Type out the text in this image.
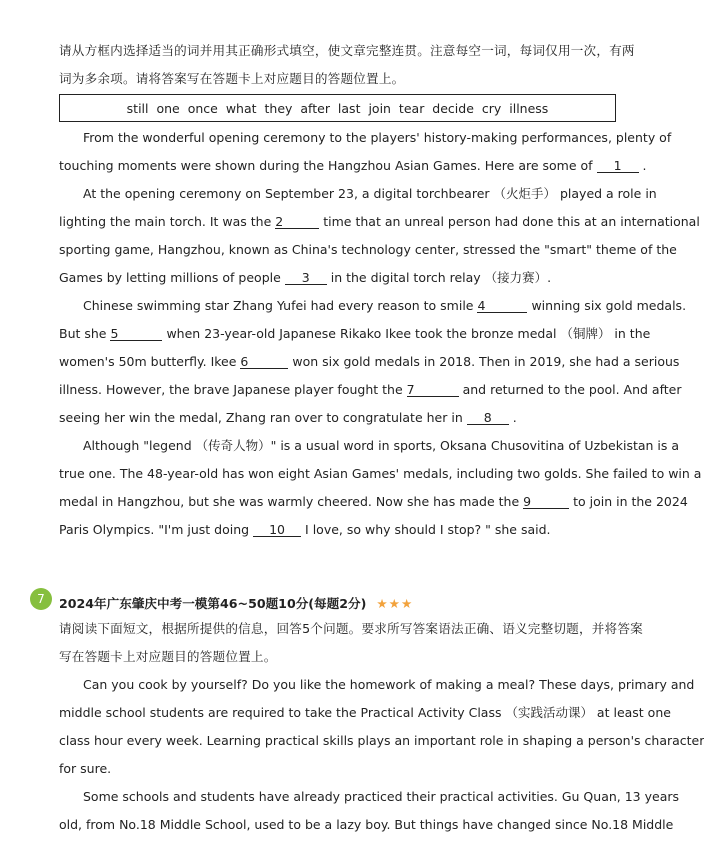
请从方框内选择适当的词并用其正确形式填空，使文章完整连贯。注意每空一词，每词仅用一次，有两
词为多余项。请将答案写在答题卡上对应题目的答题位置上。
still one once what they after last join tear decide cry illness
From the wonderful opening ceremony to the players' history-making performances, plenty of
touching moments were shown during the Hangzhou Asian Games. Here are some of 1 .
At the opening ceremony on September 23, a digital torchbearer （火炬手） played a role in
lighting the main torch. It was the 2	time that an unreal person had done this at an international
sporting game, Hangzhou, known as China's technology center, stressed the "smart" theme of the
Games by letting millions of people 3 in the digital torch relay （接力赛）.
Chinese swimming star Zhang Yufei had every reason to smile 4	winning six gold medals.
But she 5	when 23-year-old Japanese Rikako Ikee took the bronze medal （铜牌） in the
women's 50m butterfly. Ikee 6	won six gold medals in 2018. Then in 2019, she had a serious
illness. However, the brave Japanese player fought the 7	and returned to the pool. And after
seeing her win the medal, Zhang ran over to congratulate her in 8 .
Although "legend （传奇人物）" is a usual word in sports, Oksana Chusovitina of Uzbekistan is a
true one. The 48-year-old has won eight Asian Games' medals, including two golds. She failed to win a
medal in Hangzhou, but she was warmly cheered. Now she has made the 9	to join in the 2024
Paris Olympics. "I'm just doing 10 I love, so why should I stop? " she said.
7	2024年广东肇庆中考一模第46~50题10分(每题2分) ★★★
请阅读下面短文，根据所提供的信息，回答5个问题。要求所写答案语法正确、语义完整切题，并将答案
写在答题卡上对应题目的答题位置上。
Can you cook by yourself? Do you like the homework of making a meal? These days, primary and
middle school students are required to take the Practical Activity Class （实践活动课） at least one
class hour every week. Learning practical skills plays an important role in shaping a person's character
for sure.
Some schools and students have already practiced their practical activities. Gu Quan, 13 years
old, from No.18 Middle School, used to be a lazy boy. But things have changed since No.18 Middle
